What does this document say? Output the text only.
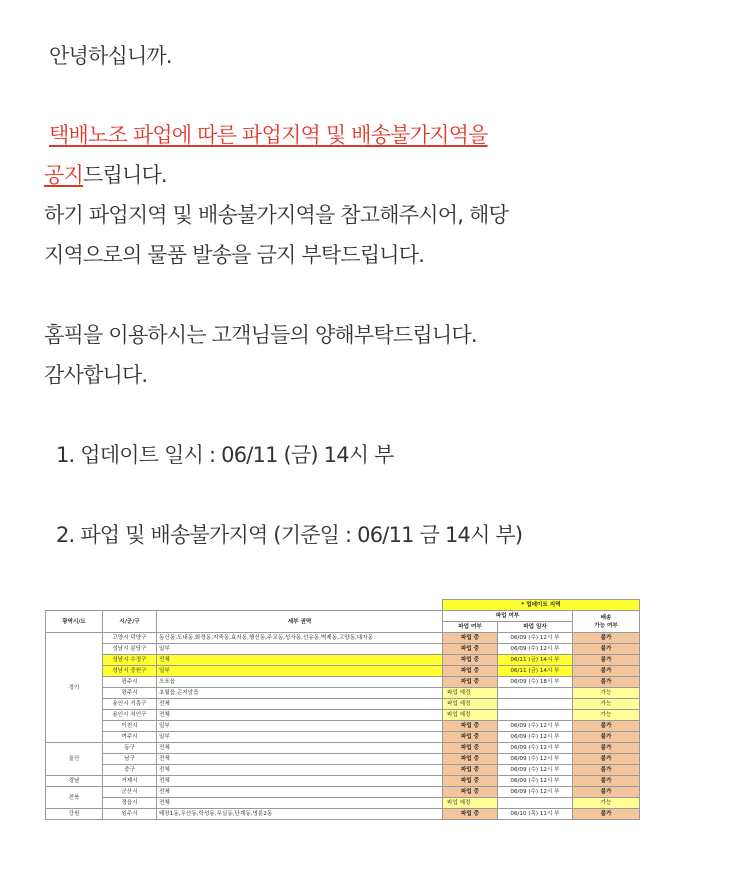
안녕하십니까.
택배노조 파업에 따른 파업지역 및 배송불가지역을
공지드립니다.
하기 파업지역 및 배송불가지역을 참고해주시어, 해당
지역으로의 물품 발송을 금지 부탁드립니다.
홈픽을 이용하시는 고객님들의 양해부탁드립니다.
감사합니다.
1. 업데이트 일시 : 06/11 (금) 14시 부
2. 파업 및 배송불가지역 (기준일 : 06/11 금 14시 부)
			* 업데이트 지역		
광역시/도	시/군/구	세부 권역	파업 여부		배송
가능 여부
			파업 여부	파업 일자	
경기	고양시 덕양구	동산동,도내동,화정동,지축동,효자동,행신동,주교동,성사동,선유동,벽제동,고양동,대자동	파업 중	06/09 (수) 12시 부	불가
	성남시 분당구	일부	파업 중	06/09 (수) 12시 부	불가
	성남시 수정구	전체	파업 중	06/11 (금) 14시 부	불가
	성남시 중원구	일부	파업 중	06/11 (금) 14시 부	불가
	광주시	오포읍	파업 중	06/09 (수) 18시 부	불가
	광주시	초월읍,곤지암읍	파업 예정		가능
	용인시 기흥구	전체	파업 예정		가능
	용인시 처인구	전체	파업 예정		가능
	이천시	일부	파업 중	06/09 (수) 12시 부	불가
	여주시	일부	파업 중	06/09 (수) 12시 부	불가
울산	동구	전체	파업 중	06/09 (수) 12시 부	불가
	남구	전체	파업 중	06/09 (수) 12시 부	불가
	중구	전체	파업 중	06/09 (수) 12시 부	불가
경남	거제시	전체	파업 중	06/09 (수) 12시 부	불가
전북	군산시	전체	파업 중	06/09 (수) 12시 부	불가
	정읍시	전체	파업 예정		가능
강원	원주시	태장1동,우산동,학성동,무실동,단계동,명륜2동	파업 중	06/10 (목) 11시 부	불가
